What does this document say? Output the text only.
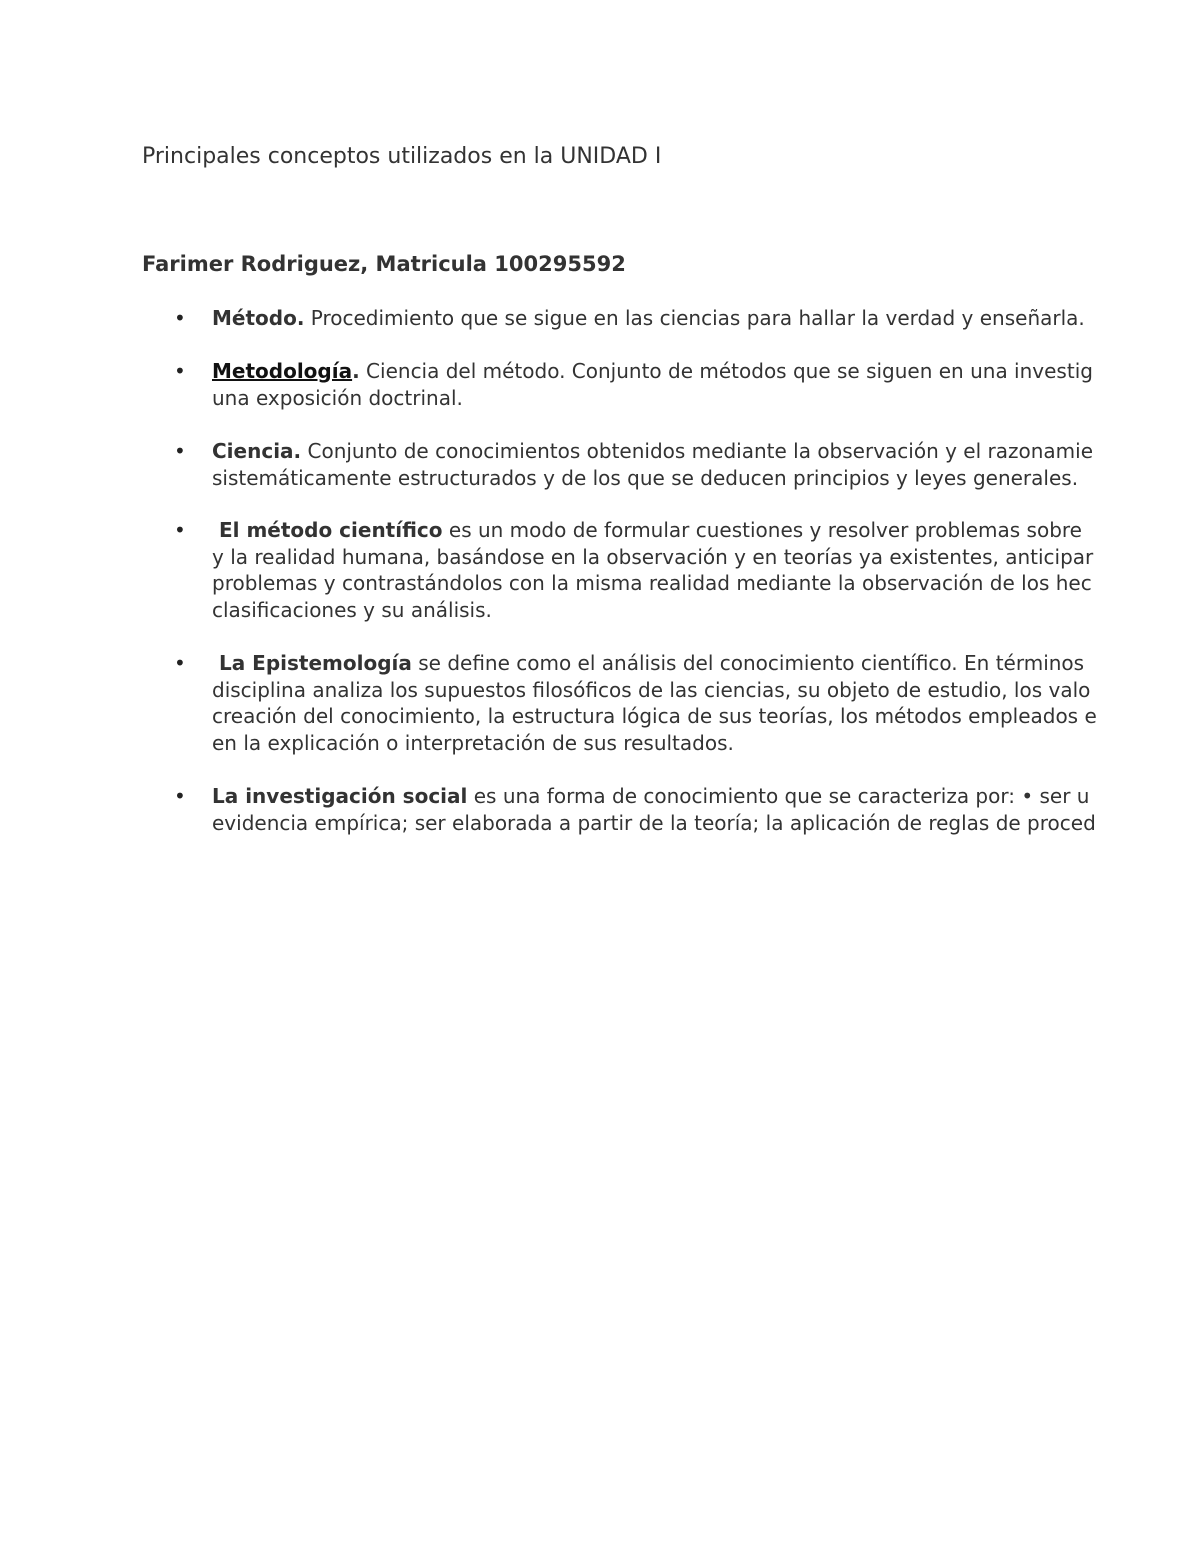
Principales conceptos utilizados en la UNIDAD I
Farimer Rodriguez, Matricula 100295592
• Método. Procedimiento que se sigue en las ciencias para hallar la verdad y enseñarla.
• Metodología. Ciencia del método. Conjunto de métodos que se siguen en una investig
una exposición doctrinal.
• Ciencia. Conjunto de conocimientos obtenidos mediante la observación y el razonamie
sistemáticamente estructurados y de los que se deducen principios y leyes generales.
• El método científico es un modo de formular cuestiones y resolver problemas sobre
y la realidad humana, basándose en la observación y en teorías ya existentes, anticipar
problemas y contrastándolos con la misma realidad mediante la observación de los hec
clasificaciones y su análisis.
• La Epistemología se define como el análisis del conocimiento científico. En términos
disciplina analiza los supuestos filosóficos de las ciencias, su objeto de estudio, los valo
creación del conocimiento, la estructura lógica de sus teorías, los métodos empleados e
en la explicación o interpretación de sus resultados.
• La investigación social es una forma de conocimiento que se caracteriza por: • ser u
evidencia empírica; ser elaborada a partir de la teoría; la aplicación de reglas de proced
